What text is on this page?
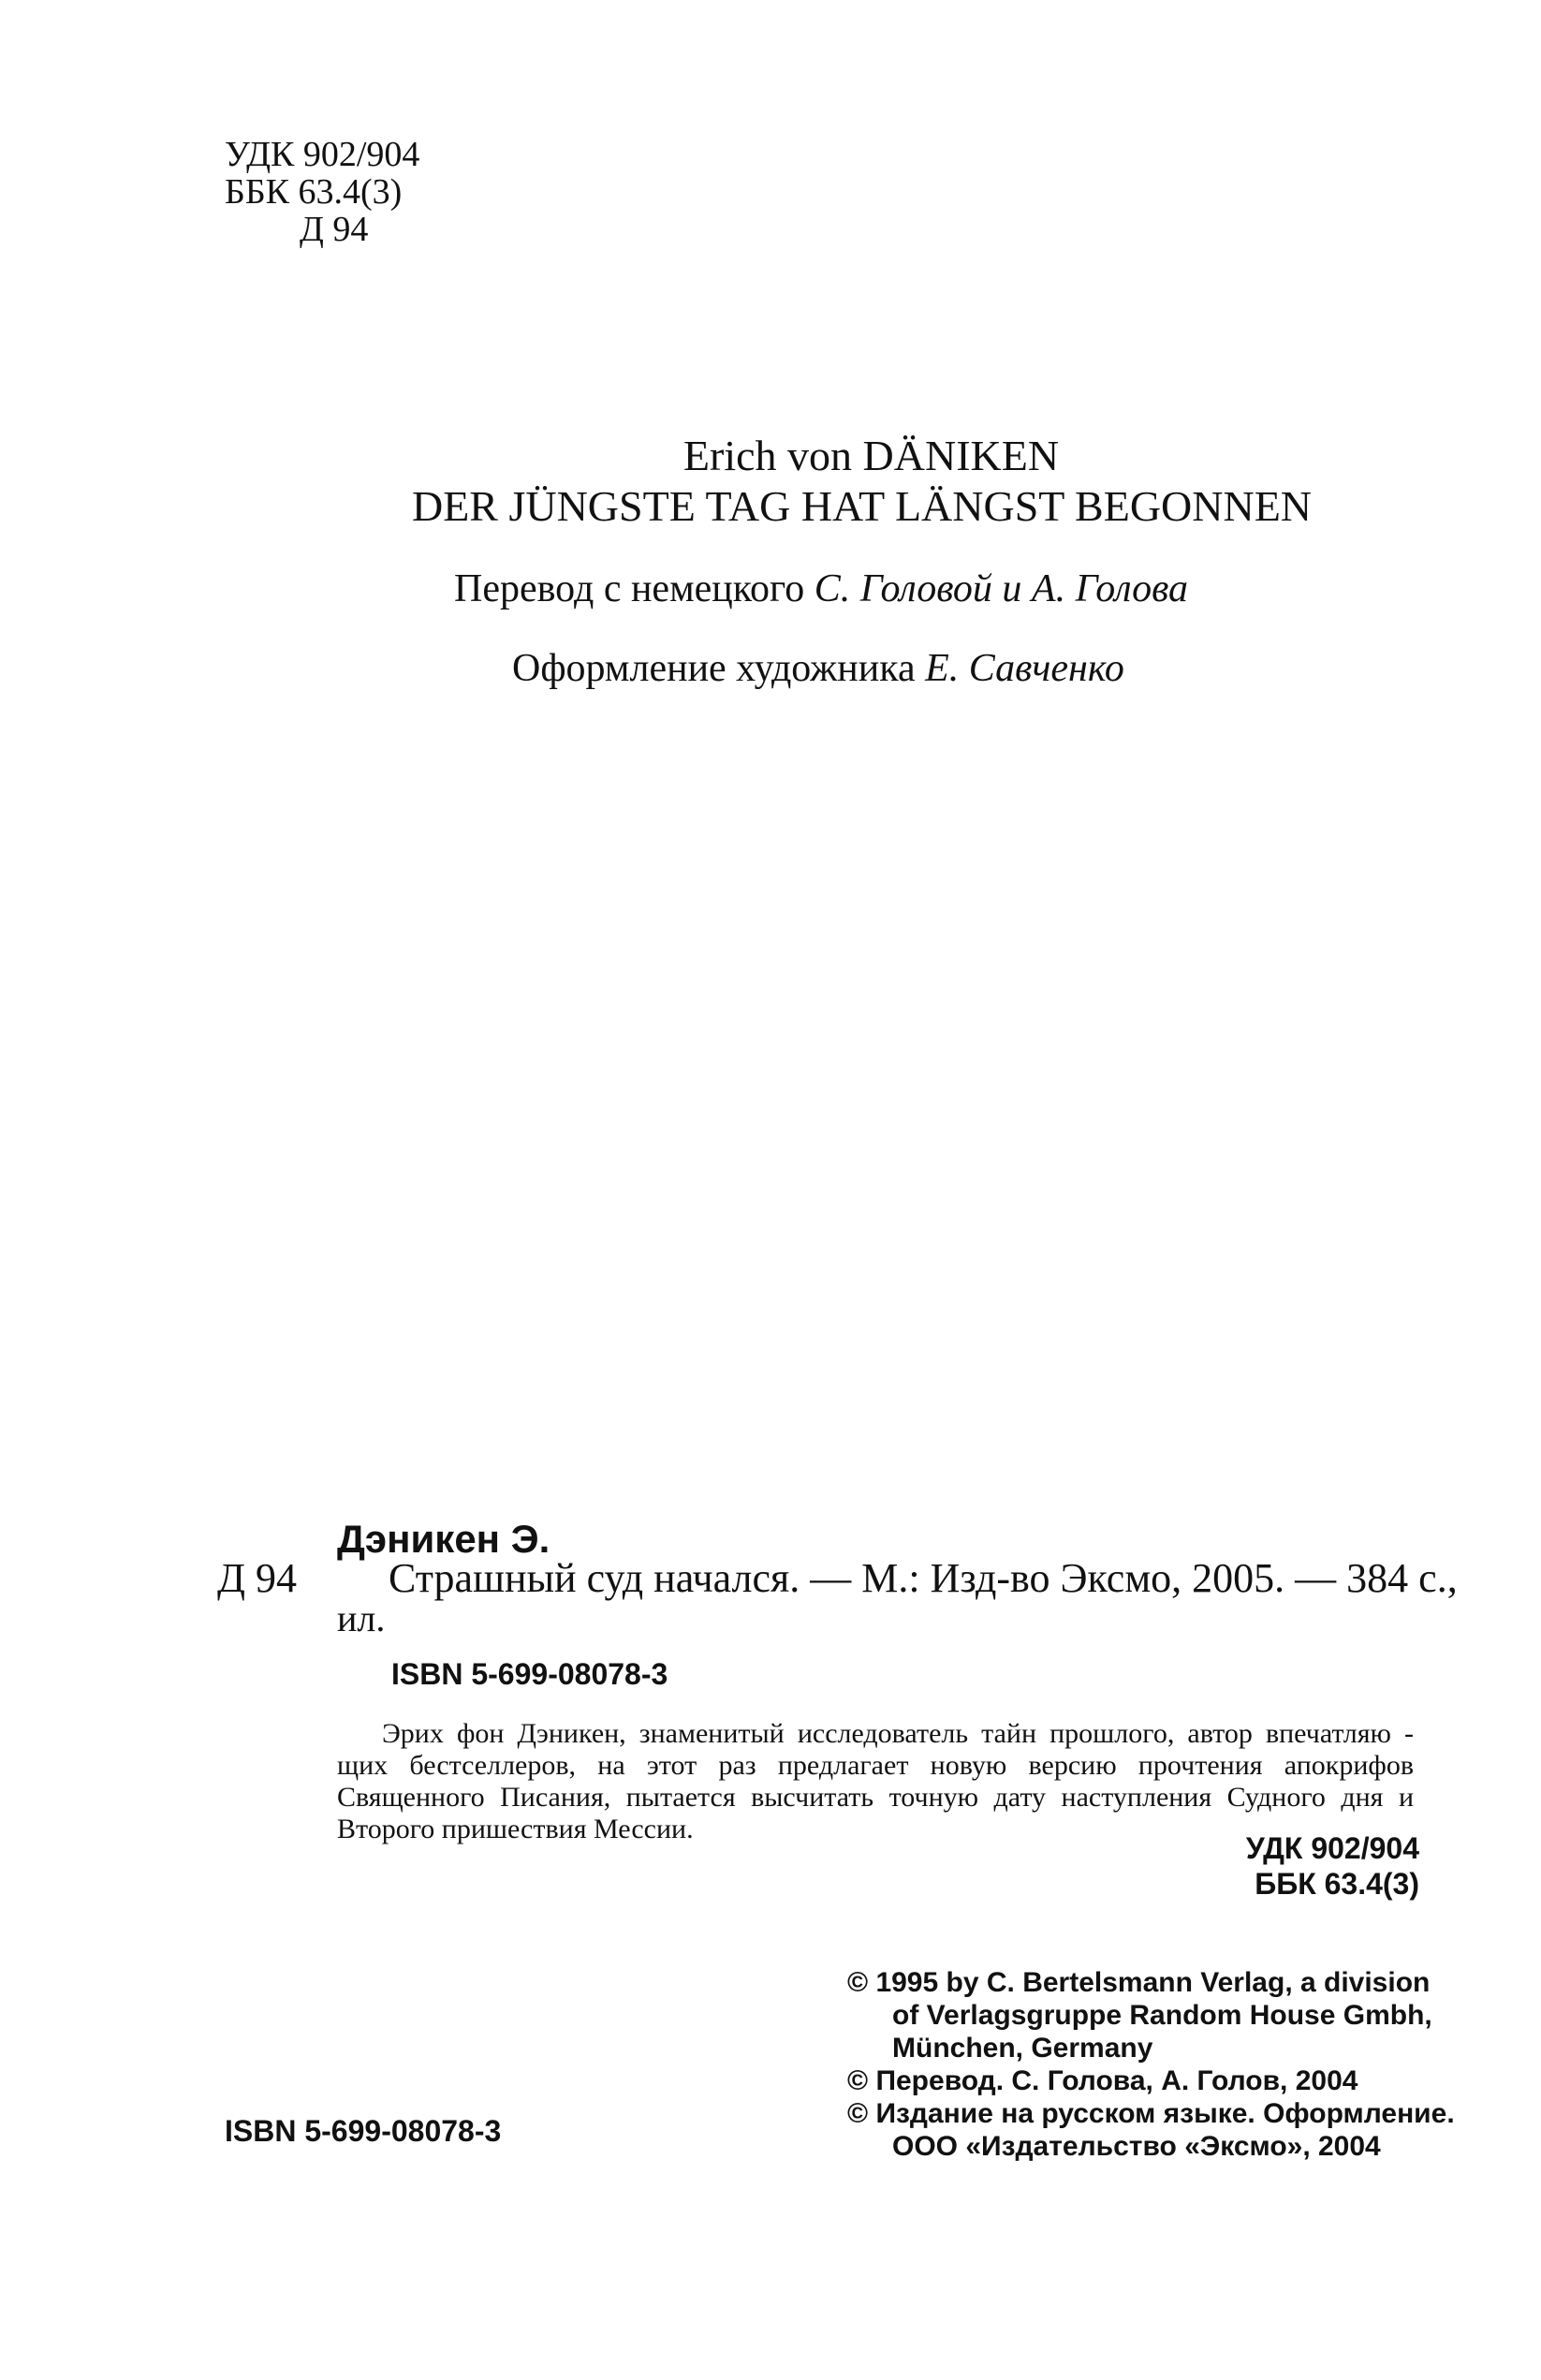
УДК 902/904
ББК 63.4(3)
Д 94
Erich von DÄNIKEN
DER JÜNGSTE TAG HAT LÄNGST BEGONNEN
Перевод с немецкого С. Головой и А. Голова
Оформление художника Е. Савченко
Дэникен Э.
Д 94 Страшный суд начался. — М.: Изд-во Эксмо, 2005. — 384 с.,
ил.
ISBN 5-699-08078-3
Эрих фон Дэникен, знаменитый исследователь тайн прошлого, автор впечатляю - щих бестселлеров, на этот раз предлагает новую версию прочтения апокрифов Священного Писания, пытается высчитать точную дату наступления Судного дня и Второго пришествия Мессии.
УДК 902/904
ББК 63.4(3)
© 1995 by C. Bertelsmann Verlag, a division
of Verlagsgruppe Random House Gmbh,
München, Germany
© Перевод. С. Голова, А. Голов, 2004
© Издание на русском языке. Оформление.
ООО «Издательство «Эксмо», 2004
ISBN 5-699-08078-3
